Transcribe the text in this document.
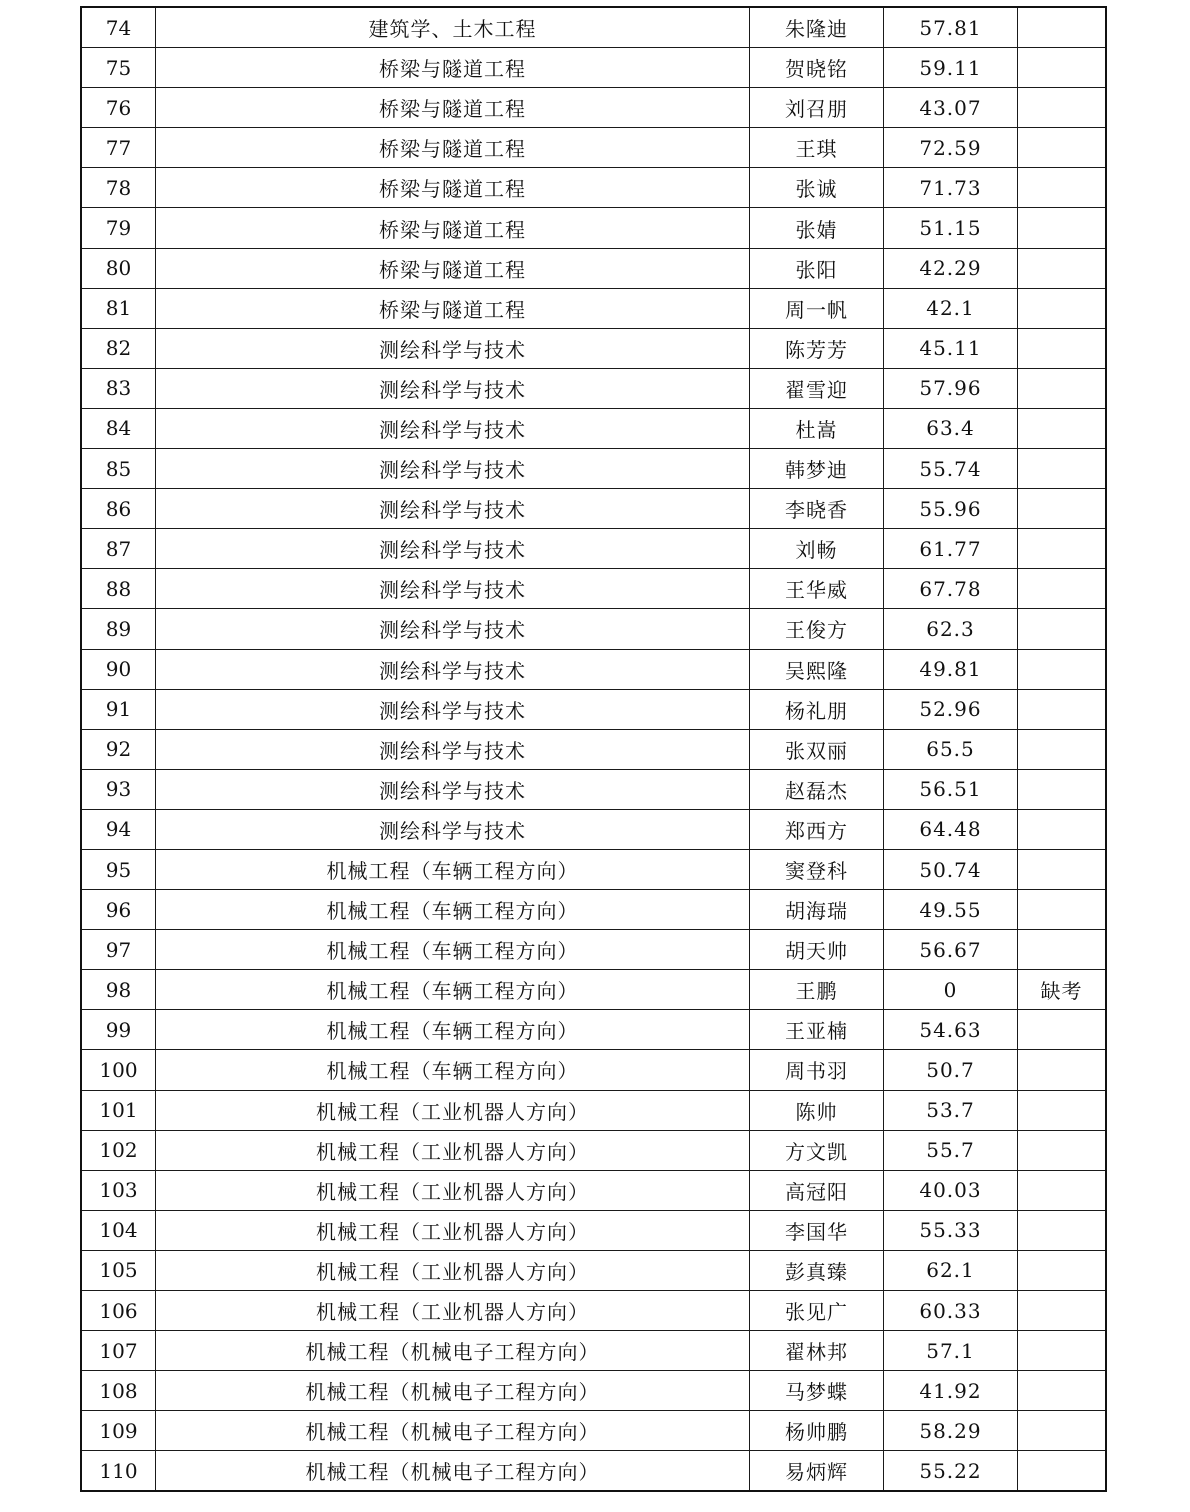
74	建筑学、土木工程	朱隆迪	57.81	
75	桥梁与隧道工程	贺晓铭	59.11	
76	桥梁与隧道工程	刘召朋	43.07	
77	桥梁与隧道工程	王琪	72.59	
78	桥梁与隧道工程	张诚	71.73	
79	桥梁与隧道工程	张婧	51.15	
80	桥梁与隧道工程	张阳	42.29	
81	桥梁与隧道工程	周一帆	42.1	
82	测绘科学与技术	陈芳芳	45.11	
83	测绘科学与技术	翟雪迎	57.96	
84	测绘科学与技术	杜嵩	63.4	
85	测绘科学与技术	韩梦迪	55.74	
86	测绘科学与技术	李晓香	55.96	
87	测绘科学与技术	刘畅	61.77	
88	测绘科学与技术	王华威	67.78	
89	测绘科学与技术	王俊方	62.3	
90	测绘科学与技术	吴熙隆	49.81	
91	测绘科学与技术	杨礼朋	52.96	
92	测绘科学与技术	张双丽	65.5	
93	测绘科学与技术	赵磊杰	56.51	
94	测绘科学与技术	郑西方	64.48	
95	机械工程（车辆工程方向）	窦登科	50.74	
96	机械工程（车辆工程方向）	胡海瑞	49.55	
97	机械工程（车辆工程方向）	胡天帅	56.67	
98	机械工程（车辆工程方向）	王鹏	0	缺考
99	机械工程（车辆工程方向）	王亚楠	54.63	
100	机械工程（车辆工程方向）	周书羽	50.7	
101	机械工程（工业机器人方向）	陈帅	53.7	
102	机械工程（工业机器人方向）	方文凯	55.7	
103	机械工程（工业机器人方向）	高冠阳	40.03	
104	机械工程（工业机器人方向）	李国华	55.33	
105	机械工程（工业机器人方向）	彭真臻	62.1	
106	机械工程（工业机器人方向）	张见广	60.33	
107	机械工程（机械电子工程方向）	翟林邦	57.1	
108	机械工程（机械电子工程方向）	马梦蝶	41.92	
109	机械工程（机械电子工程方向）	杨帅鹏	58.29	
110	机械工程（机械电子工程方向）	易炳辉	55.22	
